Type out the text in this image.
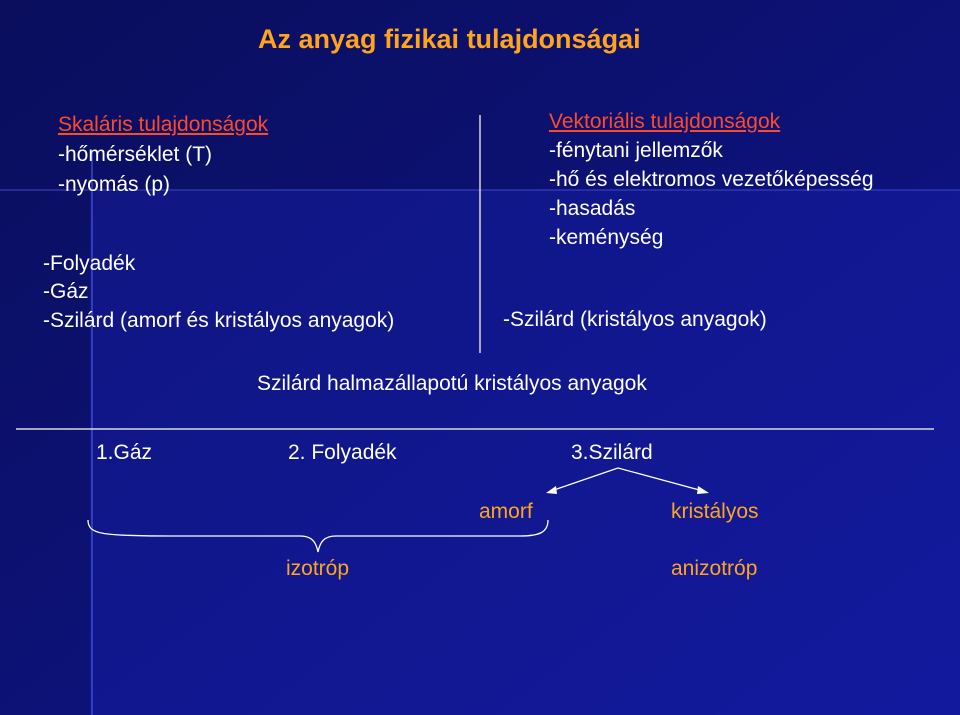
Az anyag fizikai tulajdonságai
Skaláris tulajdonságok
-hőmérséklet (T)
-nyomás (p)
-Folyadék
-Gáz
-Szilárd (amorf és kristályos anyagok)
Vektoriális tulajdonságok
-fénytani jellemzők
-hő és elektromos vezetőképesség
-hasadás
-keménység
-Szilárd (kristályos anyagok)
Szilárd halmazállapotú kristályos anyagok
1.Gáz	2. Folyadék	3.Szilárd
amorf	kristályos
izotróp	anizotróp
